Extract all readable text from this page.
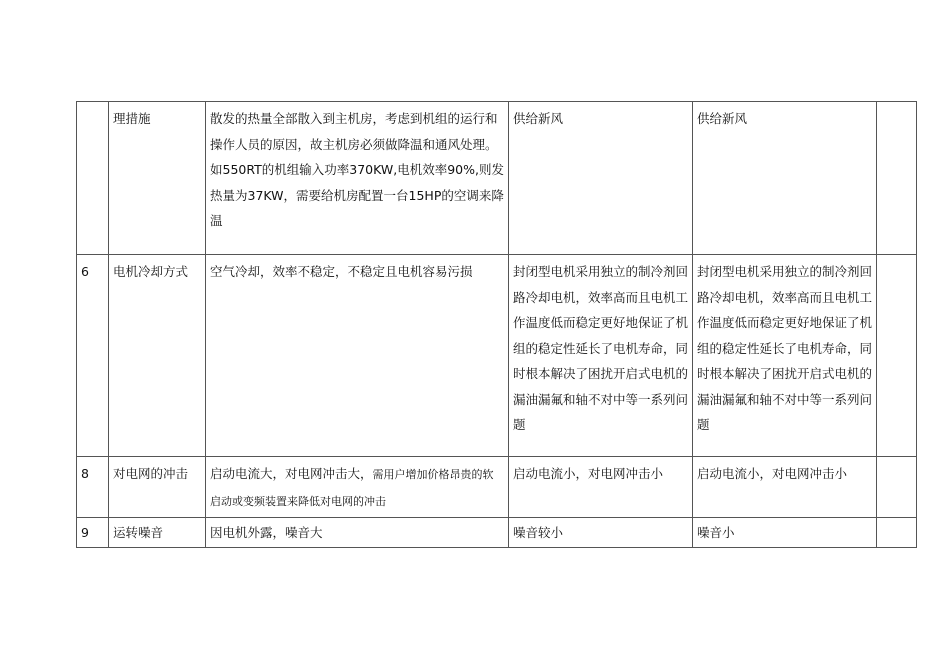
	理措施	散发的热量全部散入到主机房，考虑到机组的运行和操作人员的原因，故主机房必须做降温和通风处理。如550RT的机组输入功率370KW,电机效率90%,则发热量为37KW，需要给机房配置一台15HP的空调来降温	供给新风	供给新风	
6	电机冷却方式	空气冷却，效率不稳定，不稳定且电机容易污损	封闭型电机采用独立的制冷剂回路冷却电机，效率高而且电机工作温度低而稳定更好地保证了机组的稳定性延长了电机寿命，同时根本解决了困扰开启式电机的漏油漏氟和轴不对中等一系列问题	封闭型电机采用独立的制冷剂回路冷却电机，效率高而且电机工作温度低而稳定更好地保证了机组的稳定性延长了电机寿命，同时根本解决了困扰开启式电机的漏油漏氟和轴不对中等一系列问题	
8	对电网的冲击	启动电流大，对电网冲击大，需用户增加价格昂贵的软启动或变频装置来降低对电网的冲击	启动电流小，对电网冲击小	启动电流小，对电网冲击小	
9	运转噪音	因电机外露，噪音大	噪音较小	噪音小	
